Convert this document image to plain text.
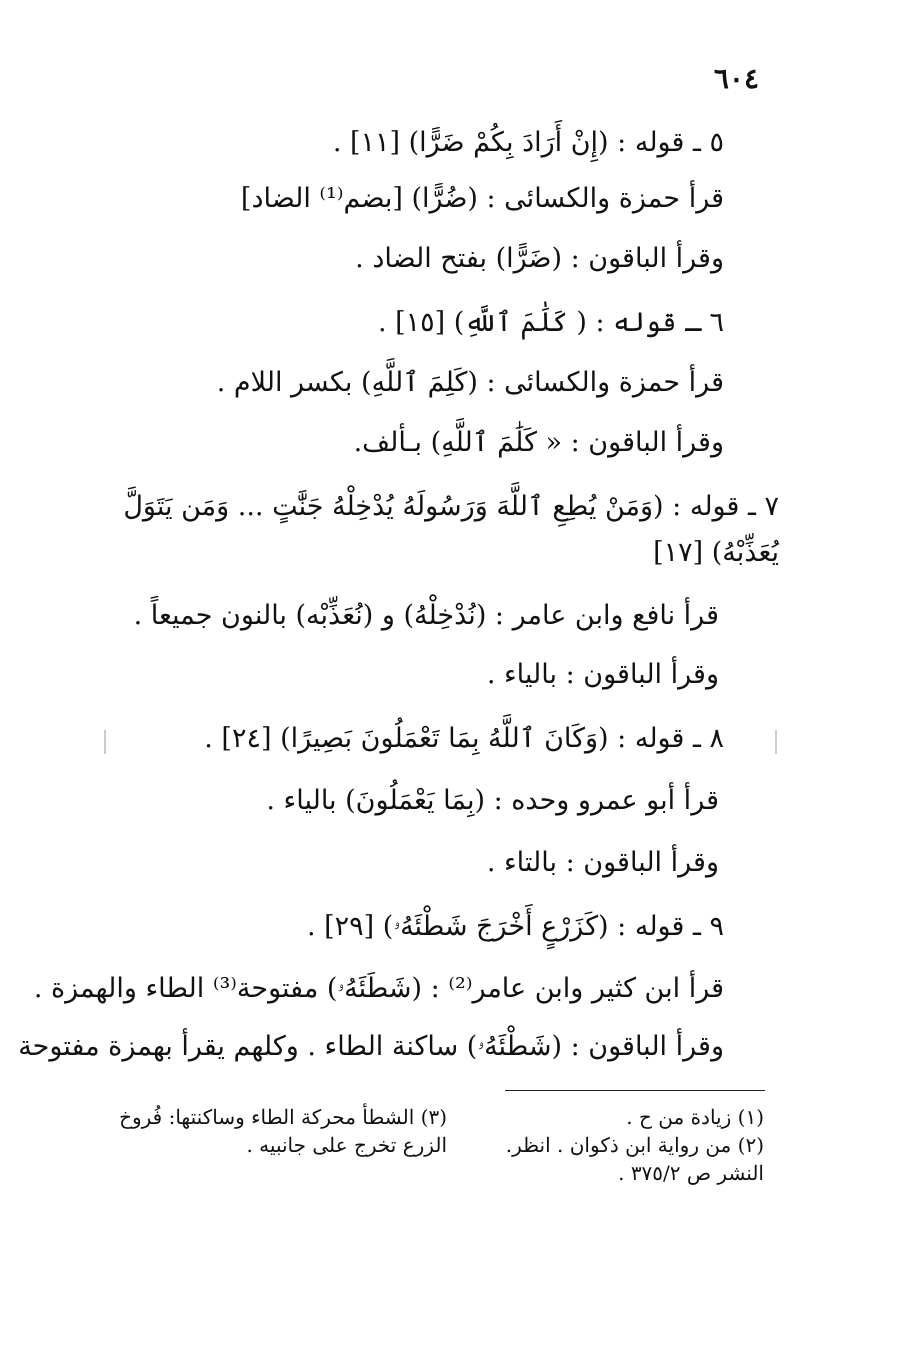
٦٠٤
٥ ـ قوله : (إِنْ أَرَادَ بِكُمْ ضَرًّا) [١١] .
قرأ حمزة والكسائى : (ضُرًّا) [بضم⁽¹⁾ الضاد]
وقرأ الباقون : (ضَرًّا) بفتح الضاد .
٦ ـ قوله : ( كَلَٰمَ ٱللَّهِ) [١٥] .
قرأ حمزة والكسائى : (كَلِمَ ٱللَّهِ) بكسر اللام .
وقرأ الباقون : « كَلَٰمَ ٱللَّهِ) بـألف.
٧ ـ قوله : (وَمَنْ يُطِعِ ٱللَّهَ وَرَسُولَهُ يُدْخِلْهُ جَنَّٰتٍ ... وَمَن يَتَوَلَّ
يُعَذِّبْهُ) [١٧]
قرأ نافع وابن عامر : (نُدْخِلْهُ) و (نُعَذِّبْه) بالنون جميعاً .
وقرأ الباقون : بالياء .
٨ ـ قوله : (وَكَانَ ٱللَّهُ بِمَا تَعْمَلُونَ بَصِيرًا) [٢٤] .
قرأ أبو عمرو وحده : (بِمَا يَعْمَلُونَ) بالياء .
وقرأ الباقون : بالتاء .
٩ ـ قوله : (كَزَرْعٍ أَخْرَجَ شَطْئَهُۥ) [٢٩] .
قرأ ابن كثير وابن عامر⁽²⁾ : (شَطَئَهُۥ) مفتوحة⁽³⁾ الطاء والهمزة .
وقرأ الباقون : (شَطْئَهُۥ) ساكنة الطاء . وكلهم يقرأ بهمزة مفتوحة
(١) زيادة من ح .
(٢) من رواية ابن ذكوان . انظر.
النشر ص ٣٧٥/٢ .
(٣) الشطأ محركة الطاء وساكنتها: فُروخ
الزرع تخرج على جانبيه .
